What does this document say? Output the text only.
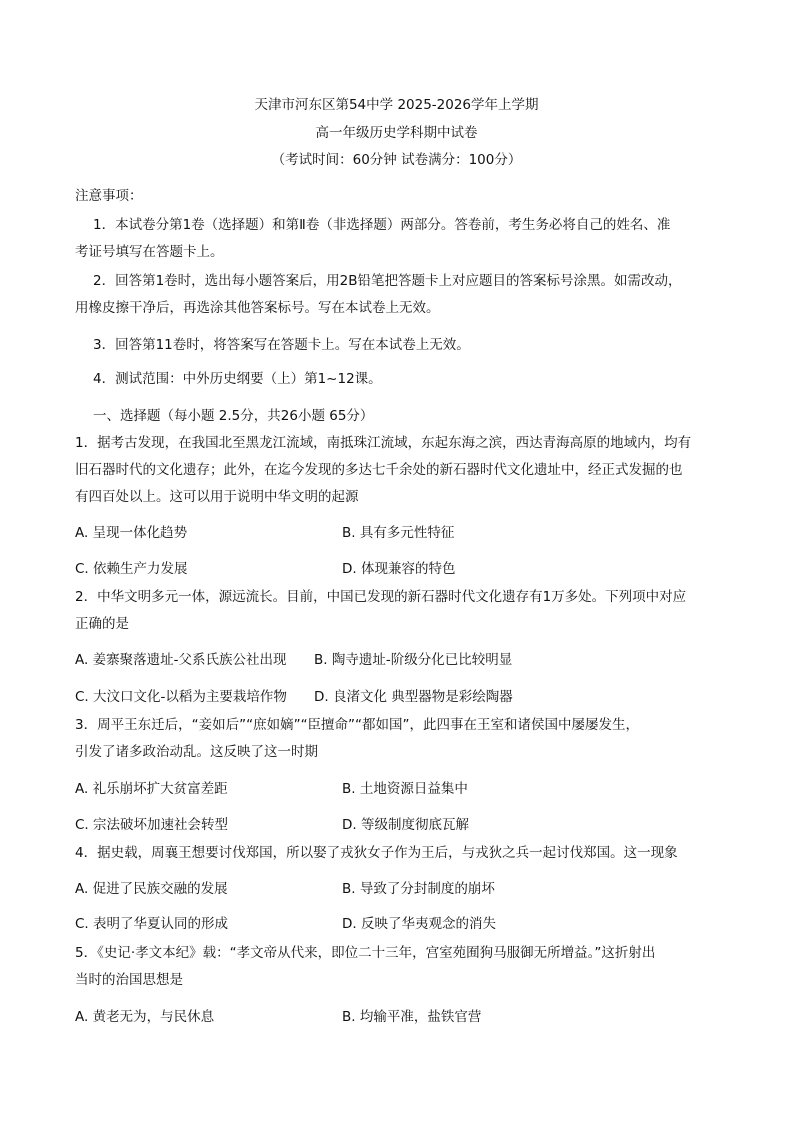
天津市河东区第54中学 2025-2026学年上学期
高一年级历史学科期中试卷
（考试时间：60分钟 试卷满分：100分）
注意事项：
1．本试卷分第1卷（选择题）和第Ⅱ卷（非选择题）两部分。答卷前，考生务必将自己的姓名、准
考证号填写在答题卡上。
2．回答第1卷时，选出每小题答案后，用2B铅笔把答题卡上对应题目的答案标号涂黑。如需改动，
用橡皮擦干净后，再选涂其他答案标号。写在本试卷上无效。
3．回答第11卷时，将答案写在答题卡上。写在本试卷上无效。
4．测试范围：中外历史纲要（上）第1~12课。
一、选择题（每小题 2.5分，共26小题 65分）
1．据考古发现，在我国北至黑龙江流域，南抵珠江流域，东起东海之滨，西达青海高原的地域内，均有
旧石器时代的文化遗存；此外，在迄今发现的多达七千余处的新石器时代文化遗址中，经正式发掘的也
有四百处以上。这可以用于说明中华文明的起源
A. 呈现一体化趋势	B. 具有多元性特征
C. 依赖生产力发展	D. 体现兼容的特色
2．中华文明多元一体，源远流长。目前，中国已发现的新石器时代文化遗存有1万多处。下列项中对应
正确的是
A. 姜寨聚落遗址-父系氏族公社出现 B. 陶寺遗址-阶级分化已比较明显
C. 大汶口文化-以稻为主要栽培作物 D. 良渚文化 典型器物是彩绘陶器
3．周平王东迁后，“妾如后”“庶如嫡”“臣擅命”“都如国”，此四事在王室和诸侯国中屡屡发生，
引发了诸多政治动乱。这反映了这一时期
A. 礼乐崩坏扩大贫富差距	B. 土地资源日益集中
C. 宗法破坏加速社会转型	D. 等级制度彻底瓦解
4．据史载，周襄王想要讨伐郑国，所以娶了戎狄女子作为王后，与戎狄之兵一起讨伐郑国。这一现象
A. 促进了民族交融的发展	B. 导致了分封制度的崩坏
C. 表明了华夏认同的形成	D. 反映了华夷观念的消失
5．《史记·孝文本纪》载：“孝文帝从代来，即位二十三年，宫室苑囿狗马服御无所增益。”这折射出
当时的治国思想是
A. 黄老无为，与民休息	B. 均输平准，盐铁官营
